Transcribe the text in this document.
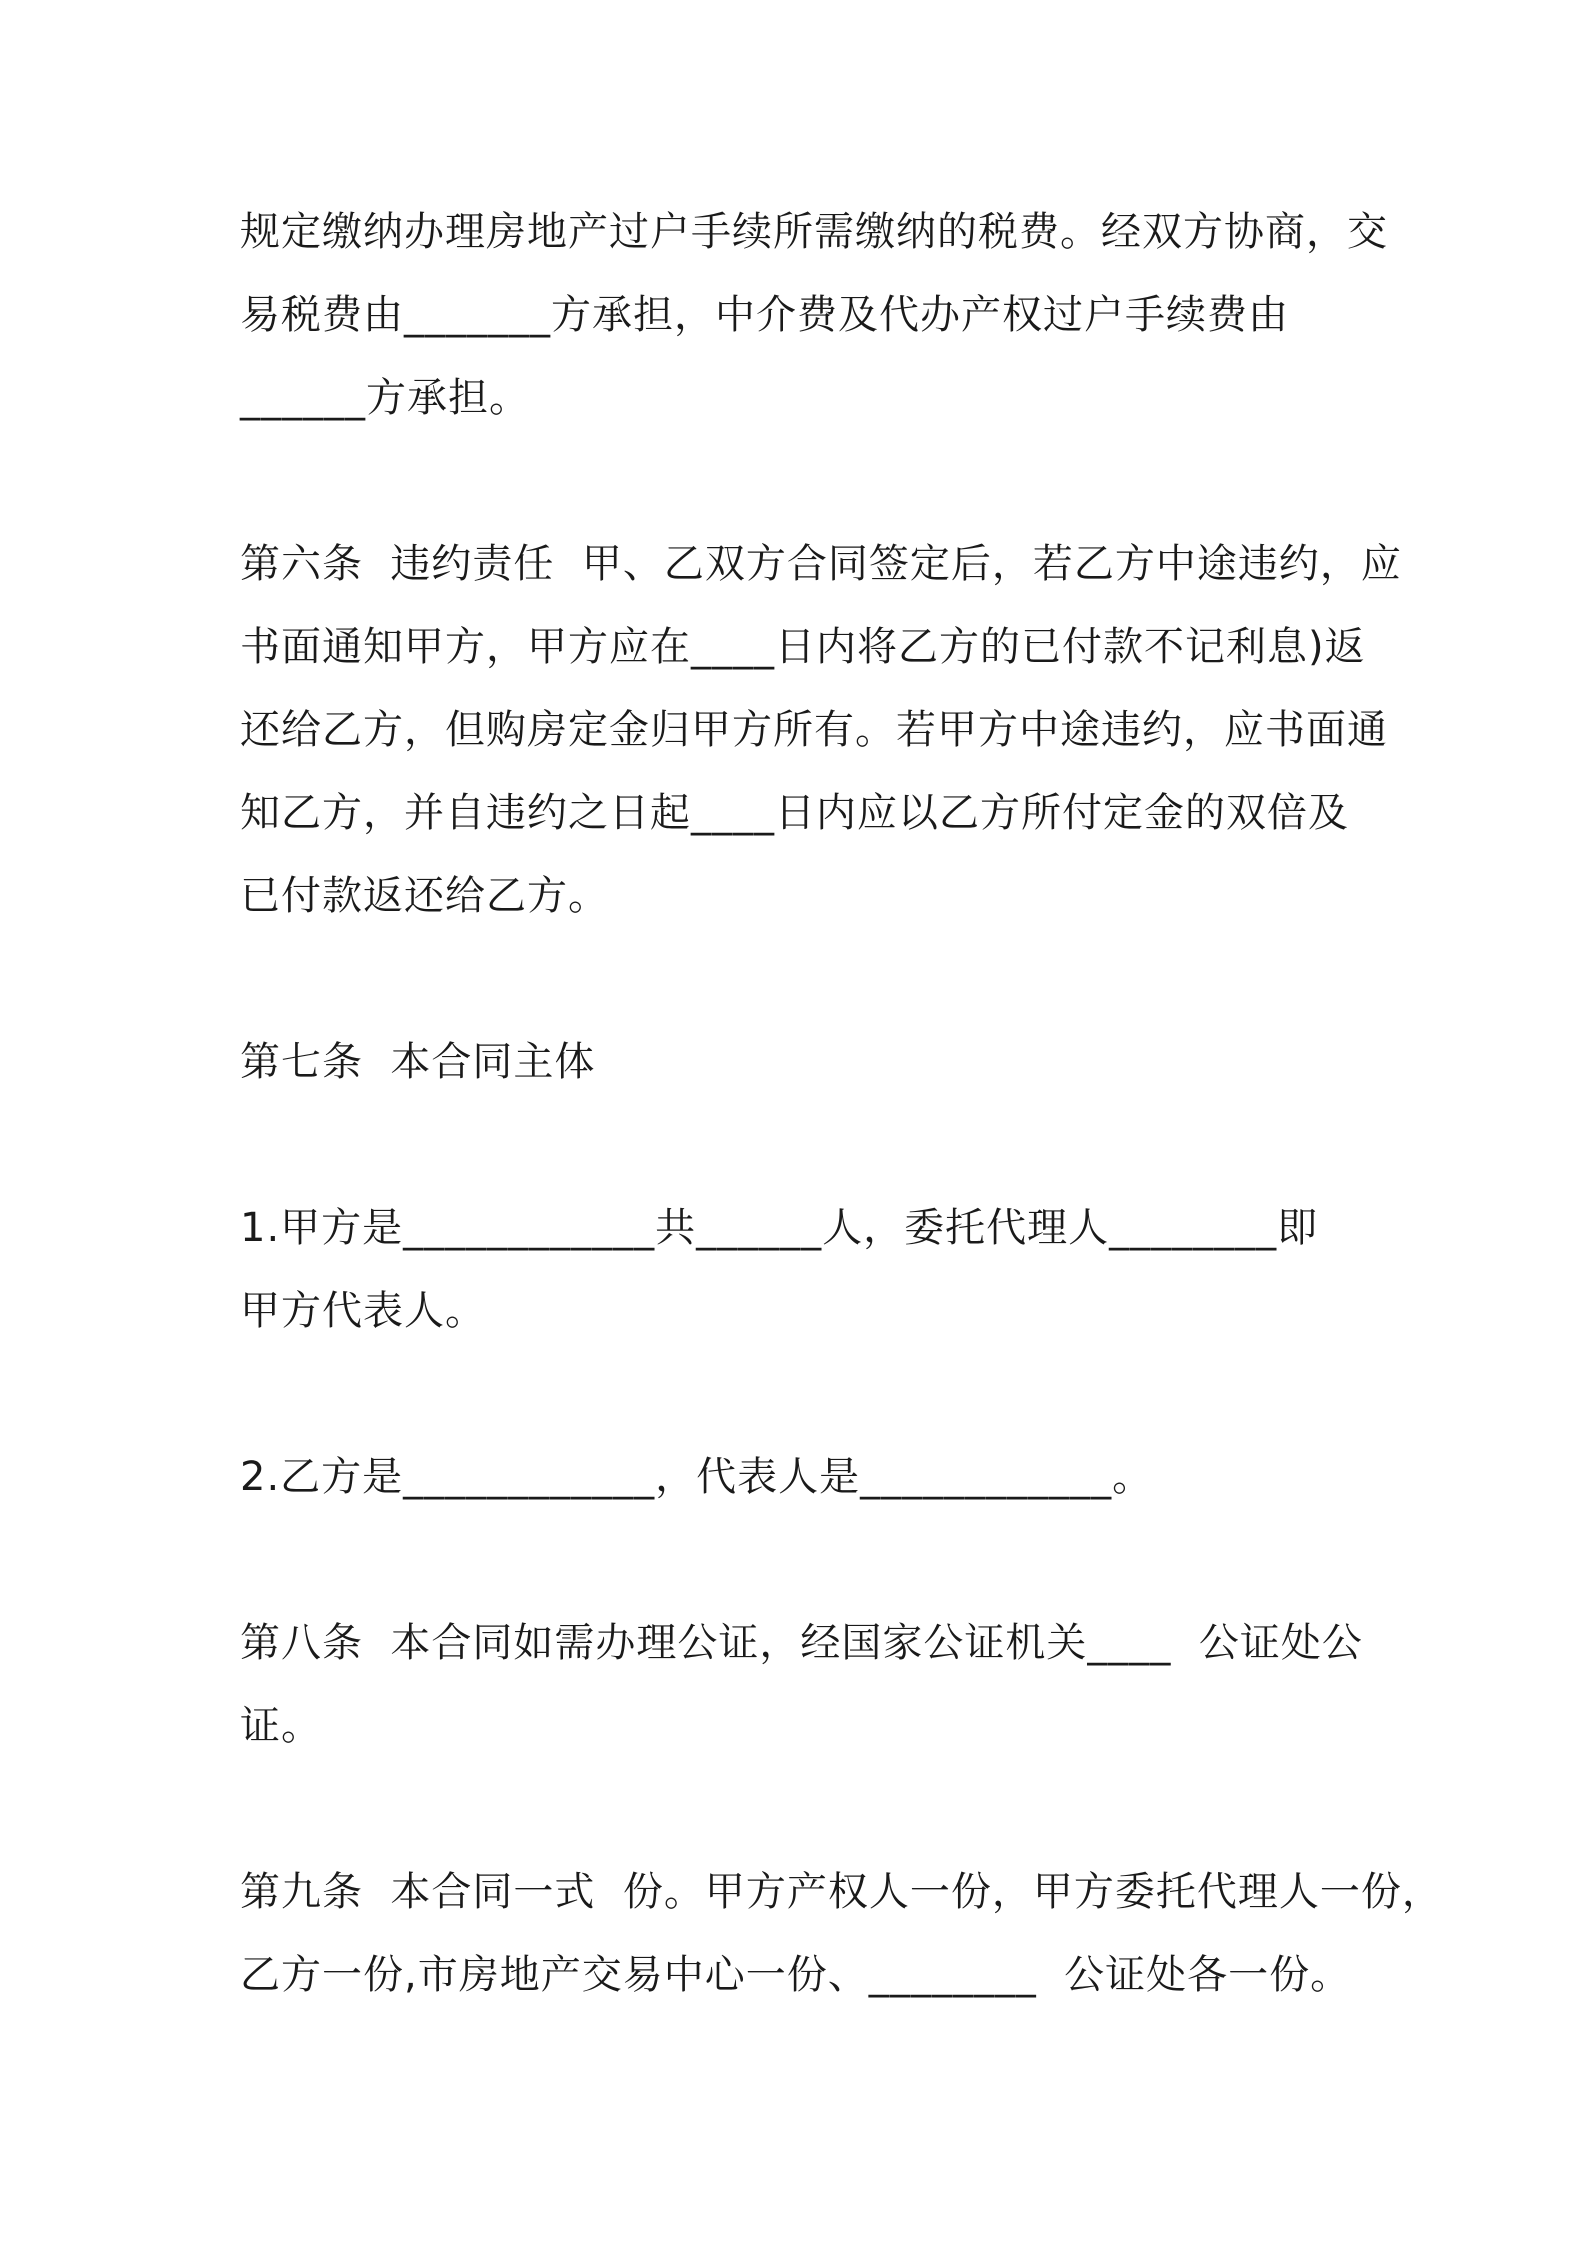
规定缴纳办理房地产过户手续所需缴纳的税费。经双方协商，交
易税费由_______方承担，中介费及代办产权过户手续费由
______方承担。
第六条  违约责任  甲、乙双方合同签定后，若乙方中途违约，应
书面通知甲方，甲方应在____日内将乙方的已付款不记利息)返
还给乙方，但购房定金归甲方所有。若甲方中途违约，应书面通
知乙方，并自违约之日起____日内应以乙方所付定金的双倍及
已付款返还给乙方。
第七条  本合同主体
1.甲方是____________共______人，委托代理人________即
甲方代表人。
2.乙方是____________，代表人是____________。
第八条  本合同如需办理公证，经国家公证机关____  公证处公
证。
第九条  本合同一式  份。甲方产权人一份，甲方委托代理人一份，
乙方一份,市房地产交易中心一份、________  公证处各一份。
